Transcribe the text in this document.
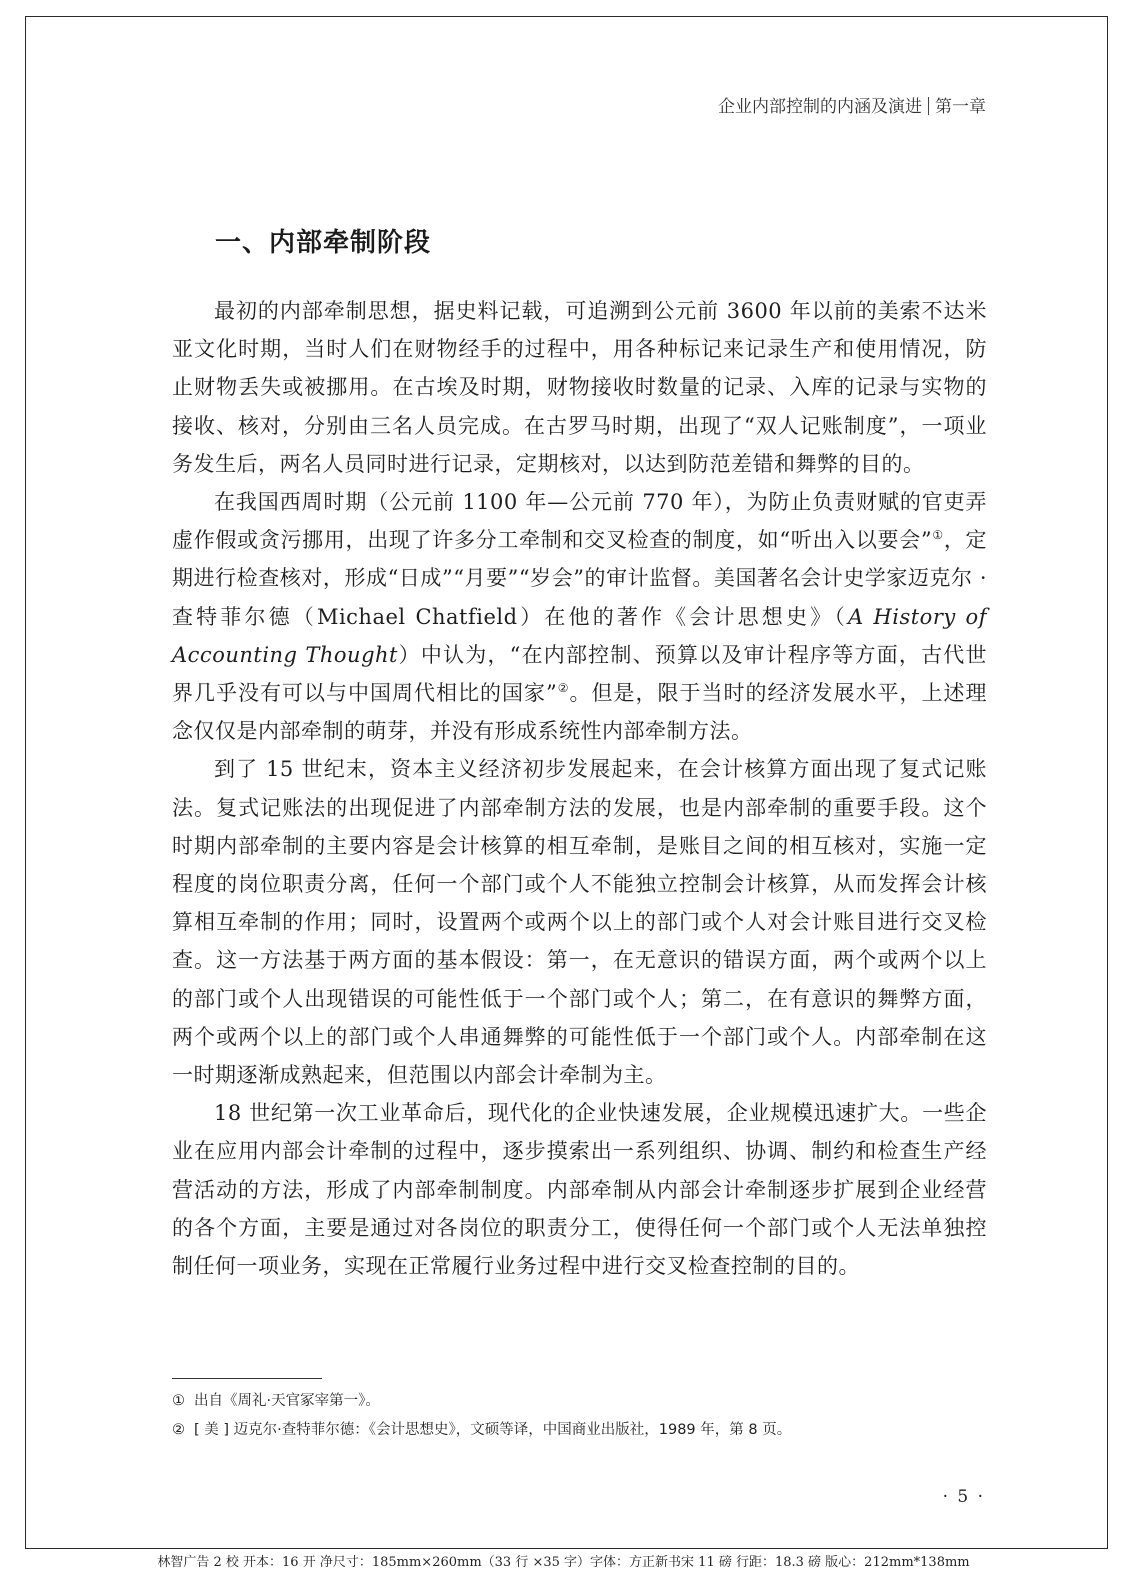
企业内部控制的内涵及演进 第一章
一、内部牵制阶段

最初的内部牵制思想，据史料记载，可追溯到公元前 3600 年以前的美索不达米亚文化时期，当时人们在财物经手的过程中，用各种标记来记录生产和使用情况，防止财物丢失或被挪用。在古埃及时期，财物接收时数量的记录、入库的记录与实物的接收、核对，分别由三名人员完成。在古罗马时期，出现了“双人记账制度”，一项业务发生后，两名人员同时进行记录，定期核对，以达到防范差错和舞弊的目的。

在我国西周时期（公元前 1100 年—公元前 770 年），为防止负责财赋的官吏弄虚作假或贪污挪用，出现了许多分工牵制和交叉检查的制度，如“听出入以要会”①，定期进行检查核对，形成“日成”“月要”“岁会”的审计监督。美国著名会计史学家迈克尔 · 查特菲尔德（Michael Chatfield）在他的著作《会计思想史》（A History of Accounting Thought）中认为，“在内部控制、预算以及审计程序等方面，古代世界几乎没有可以与中国周代相比的国家”②。但是，限于当时的经济发展水平，上述理念仅仅是内部牵制的萌芽，并没有形成系统性内部牵制方法。

到了 15 世纪末，资本主义经济初步发展起来，在会计核算方面出现了复式记账法。复式记账法的出现促进了内部牵制方法的发展，也是内部牵制的重要手段。这个时期内部牵制的主要内容是会计核算的相互牵制，是账目之间的相互核对，实施一定程度的岗位职责分离，任何一个部门或个人不能独立控制会计核算，从而发挥会计核算相互牵制的作用；同时，设置两个或两个以上的部门或个人对会计账目进行交叉检查。这一方法基于两方面的基本假设：第一，在无意识的错误方面，两个或两个以上的部门或个人出现错误的可能性低于一个部门或个人；第二，在有意识的舞弊方面，两个或两个以上的部门或个人串通舞弊的可能性低于一个部门或个人。内部牵制在这一时期逐渐成熟起来，但范围以内部会计牵制为主。

18 世纪第一次工业革命后，现代化的企业快速发展，企业规模迅速扩大。一些企业在应用内部会计牵制的过程中，逐步摸索出一系列组织、协调、制约和检查生产经营活动的方法，形成了内部牵制制度。内部牵制从内部会计牵制逐步扩展到企业经营的各个方面，主要是通过对各岗位的职责分工，使得任何一个部门或个人无法单独控制任何一项业务，实现在正常履行业务过程中进行交叉检查控制的目的。

① 出自《周礼·天官冢宰第一》。

② [ 美 ] 迈克尔·查特菲尔德：《会计思想史》，文硕等译，中国商业出版社，1989 年，第 8 页。

· 5 ·
林智广告 2 校 开本：16 开 净尺寸：185mm×260mm（33 行 ×35 字）字体：方正新书宋 11 磅 行距：18.3 磅 版心：212mm*138mm
